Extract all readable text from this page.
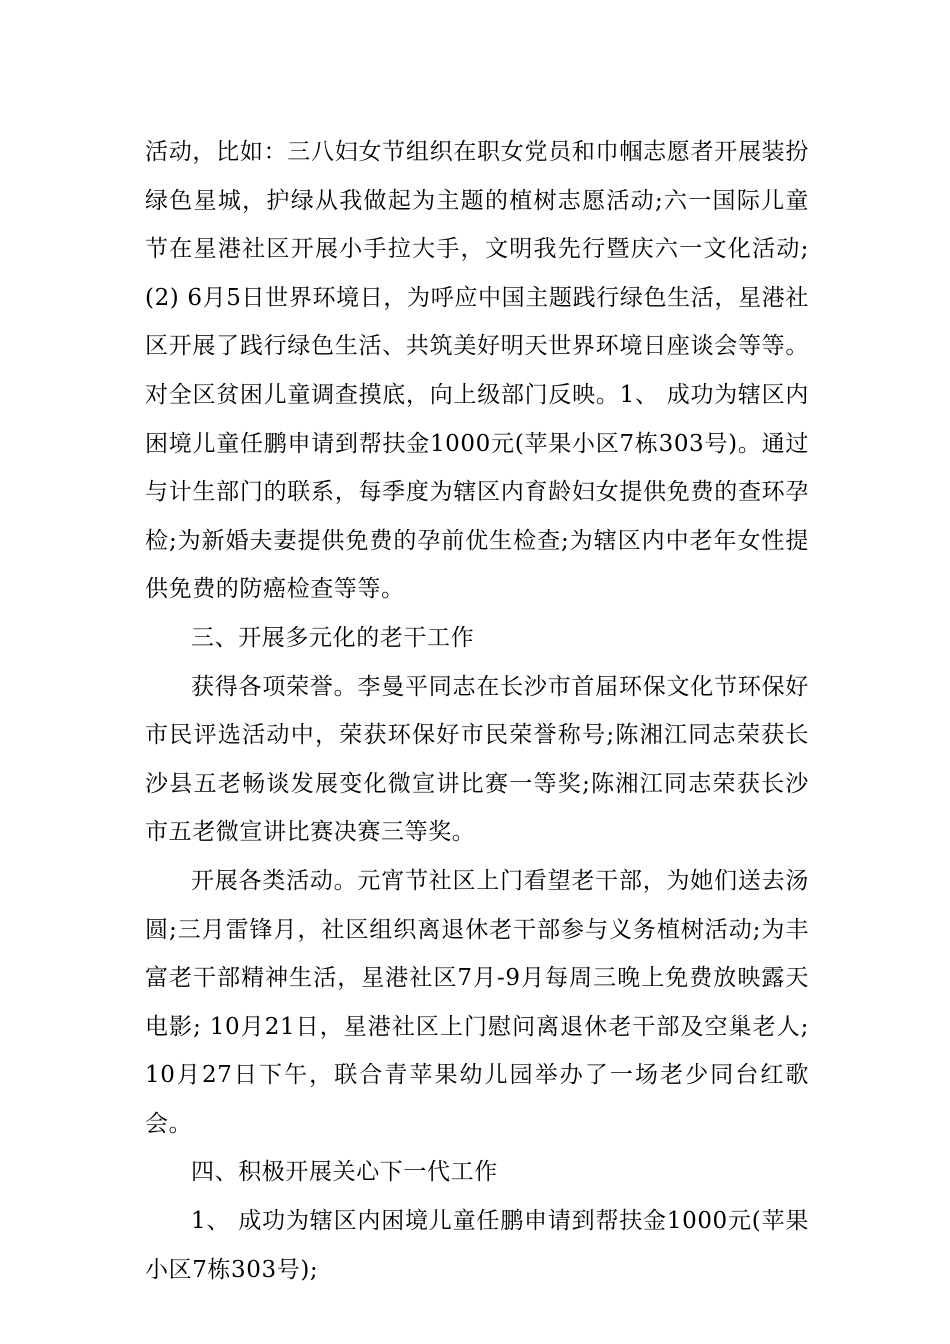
活动，比如：三八妇女节组织在职女党员和巾帼志愿者开展装扮绿色星城，护绿从我做起为主题的植树志愿活动;六一国际儿童节在星港社区开展小手拉大手，文明我先行暨庆六一文化活动;(2) 6月5日世界环境日，为呼应中国主题践行绿色生活，星港社区开展了践行绿色生活、共筑美好明天世界环境日座谈会等等。对全区贫困儿童调查摸底，向上级部门反映。1、 成功为辖区内困境儿童任鹏申请到帮扶金1000元(苹果小区7栋303号)。通过与计生部门的联系，每季度为辖区内育龄妇女提供免费的查环孕检;为新婚夫妻提供免费的孕前优生检查;为辖区内中老年女性提供免费的防癌检查等等。

三、开展多元化的老干工作

获得各项荣誉。李曼平同志在长沙市首届环保文化节环保好市民评选活动中，荣获环保好市民荣誉称号;陈湘江同志荣获长沙县五老畅谈发展变化微宣讲比赛一等奖;陈湘江同志荣获长沙市五老微宣讲比赛决赛三等奖。

开展各类活动。元宵节社区上门看望老干部，为她们送去汤圆;三月雷锋月，社区组织离退休老干部参与义务植树活动;为丰富老干部精神生活，星港社区7月-9月每周三晚上免费放映露天电影; 10月21日，星港社区上门慰问离退休老干部及空巢老人; 10月27日下午，联合青苹果幼儿园举办了一场老少同台红歌会。

四、积极开展关心下一代工作

1、 成功为辖区内困境儿童任鹏申请到帮扶金1000元(苹果小区7栋303号);
